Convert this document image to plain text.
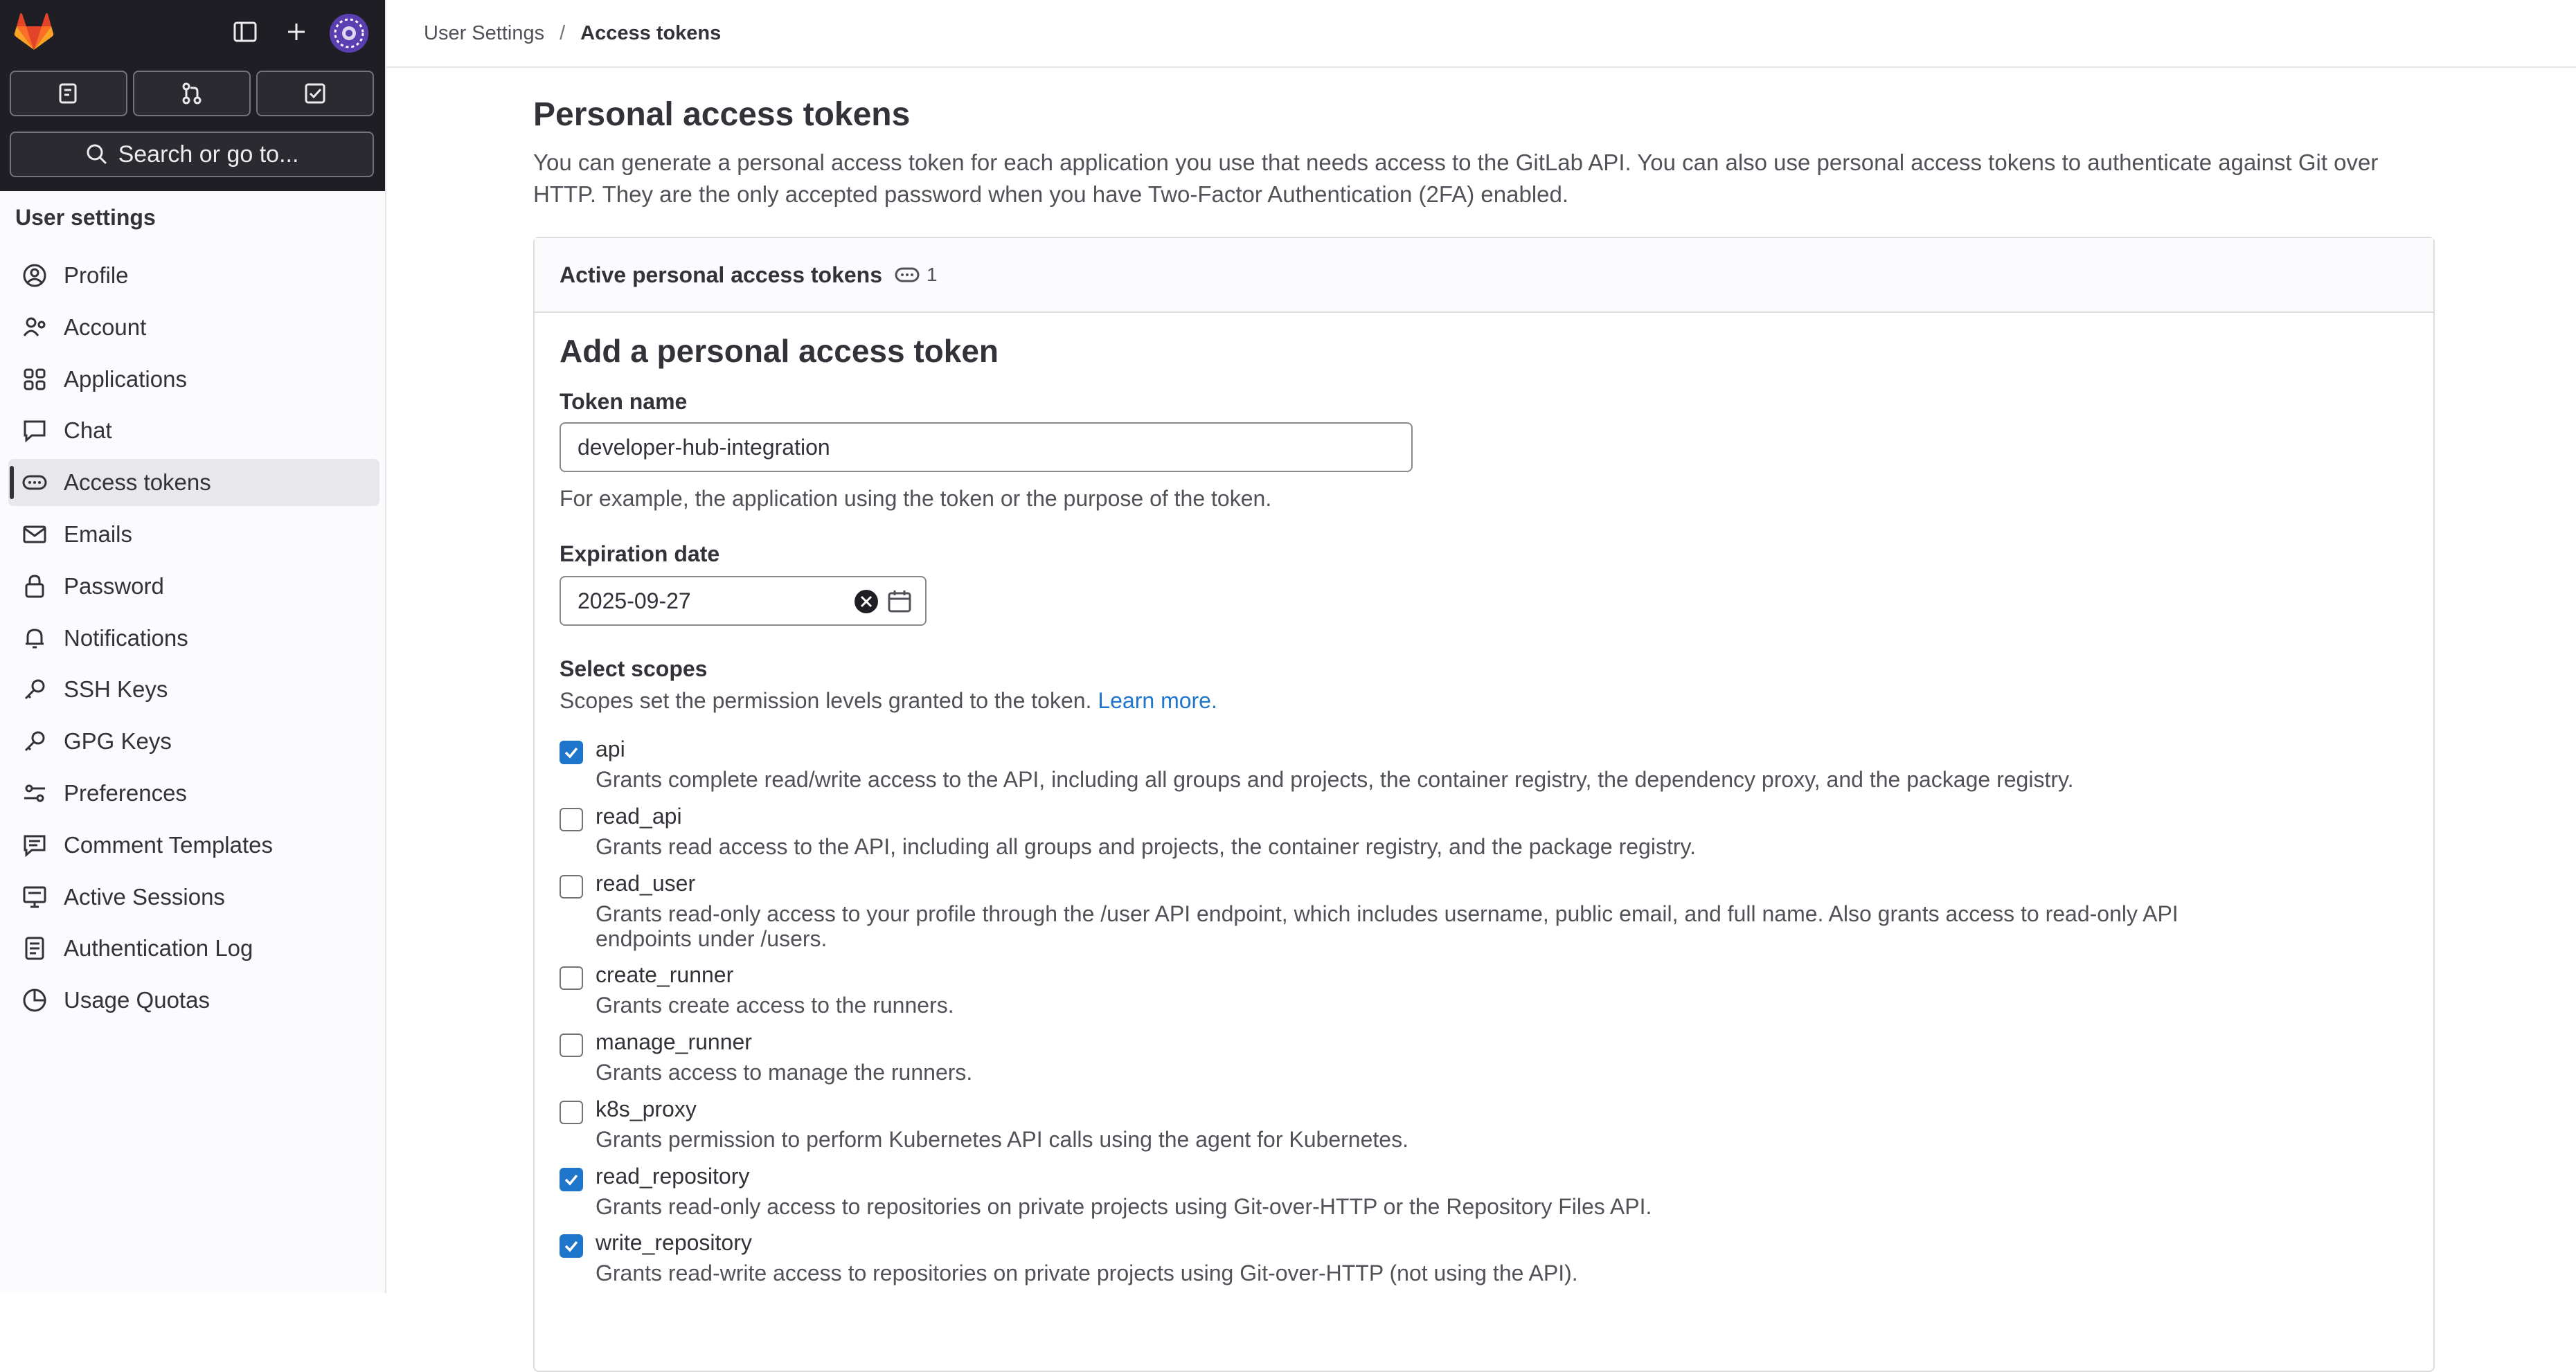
Search or go to...
User settings
Profile
Account
Applications
Chat
Access tokens
Emails
Password
Notifications
SSH Keys
GPG Keys
Preferences
Comment Templates
Active Sessions
Authentication Log
Usage Quotas
User Settings / Access tokens
Personal access tokens
You can generate a personal access token for each application you use that needs access to the GitLab API. You can also use personal access tokens to authenticate against Git over HTTP. They are the only accepted password when you have Two-Factor Authentication (2FA) enabled.
Active personal access tokens 1
Add a personal access token
Token name
developer-hub-integration
For example, the application using the token or the purpose of the token.
Expiration date
2025-09-27
Select scopes
Scopes set the permission levels granted to the token. Learn more.
api
Grants complete read/write access to the API, including all groups and projects, the container registry, the dependency proxy, and the package registry.
read_api
Grants read access to the API, including all groups and projects, the container registry, and the package registry.
read_user
Grants read-only access to your profile through the /user API endpoint, which includes username, public email, and full name. Also grants access to read-only API endpoints under /users.
create_runner
Grants create access to the runners.
manage_runner
Grants access to manage the runners.
k8s_proxy
Grants permission to perform Kubernetes API calls using the agent for Kubernetes.
read_repository
Grants read-only access to repositories on private projects using Git-over-HTTP or the Repository Files API.
write_repository
Grants read-write access to repositories on private projects using Git-over-HTTP (not using the API).
